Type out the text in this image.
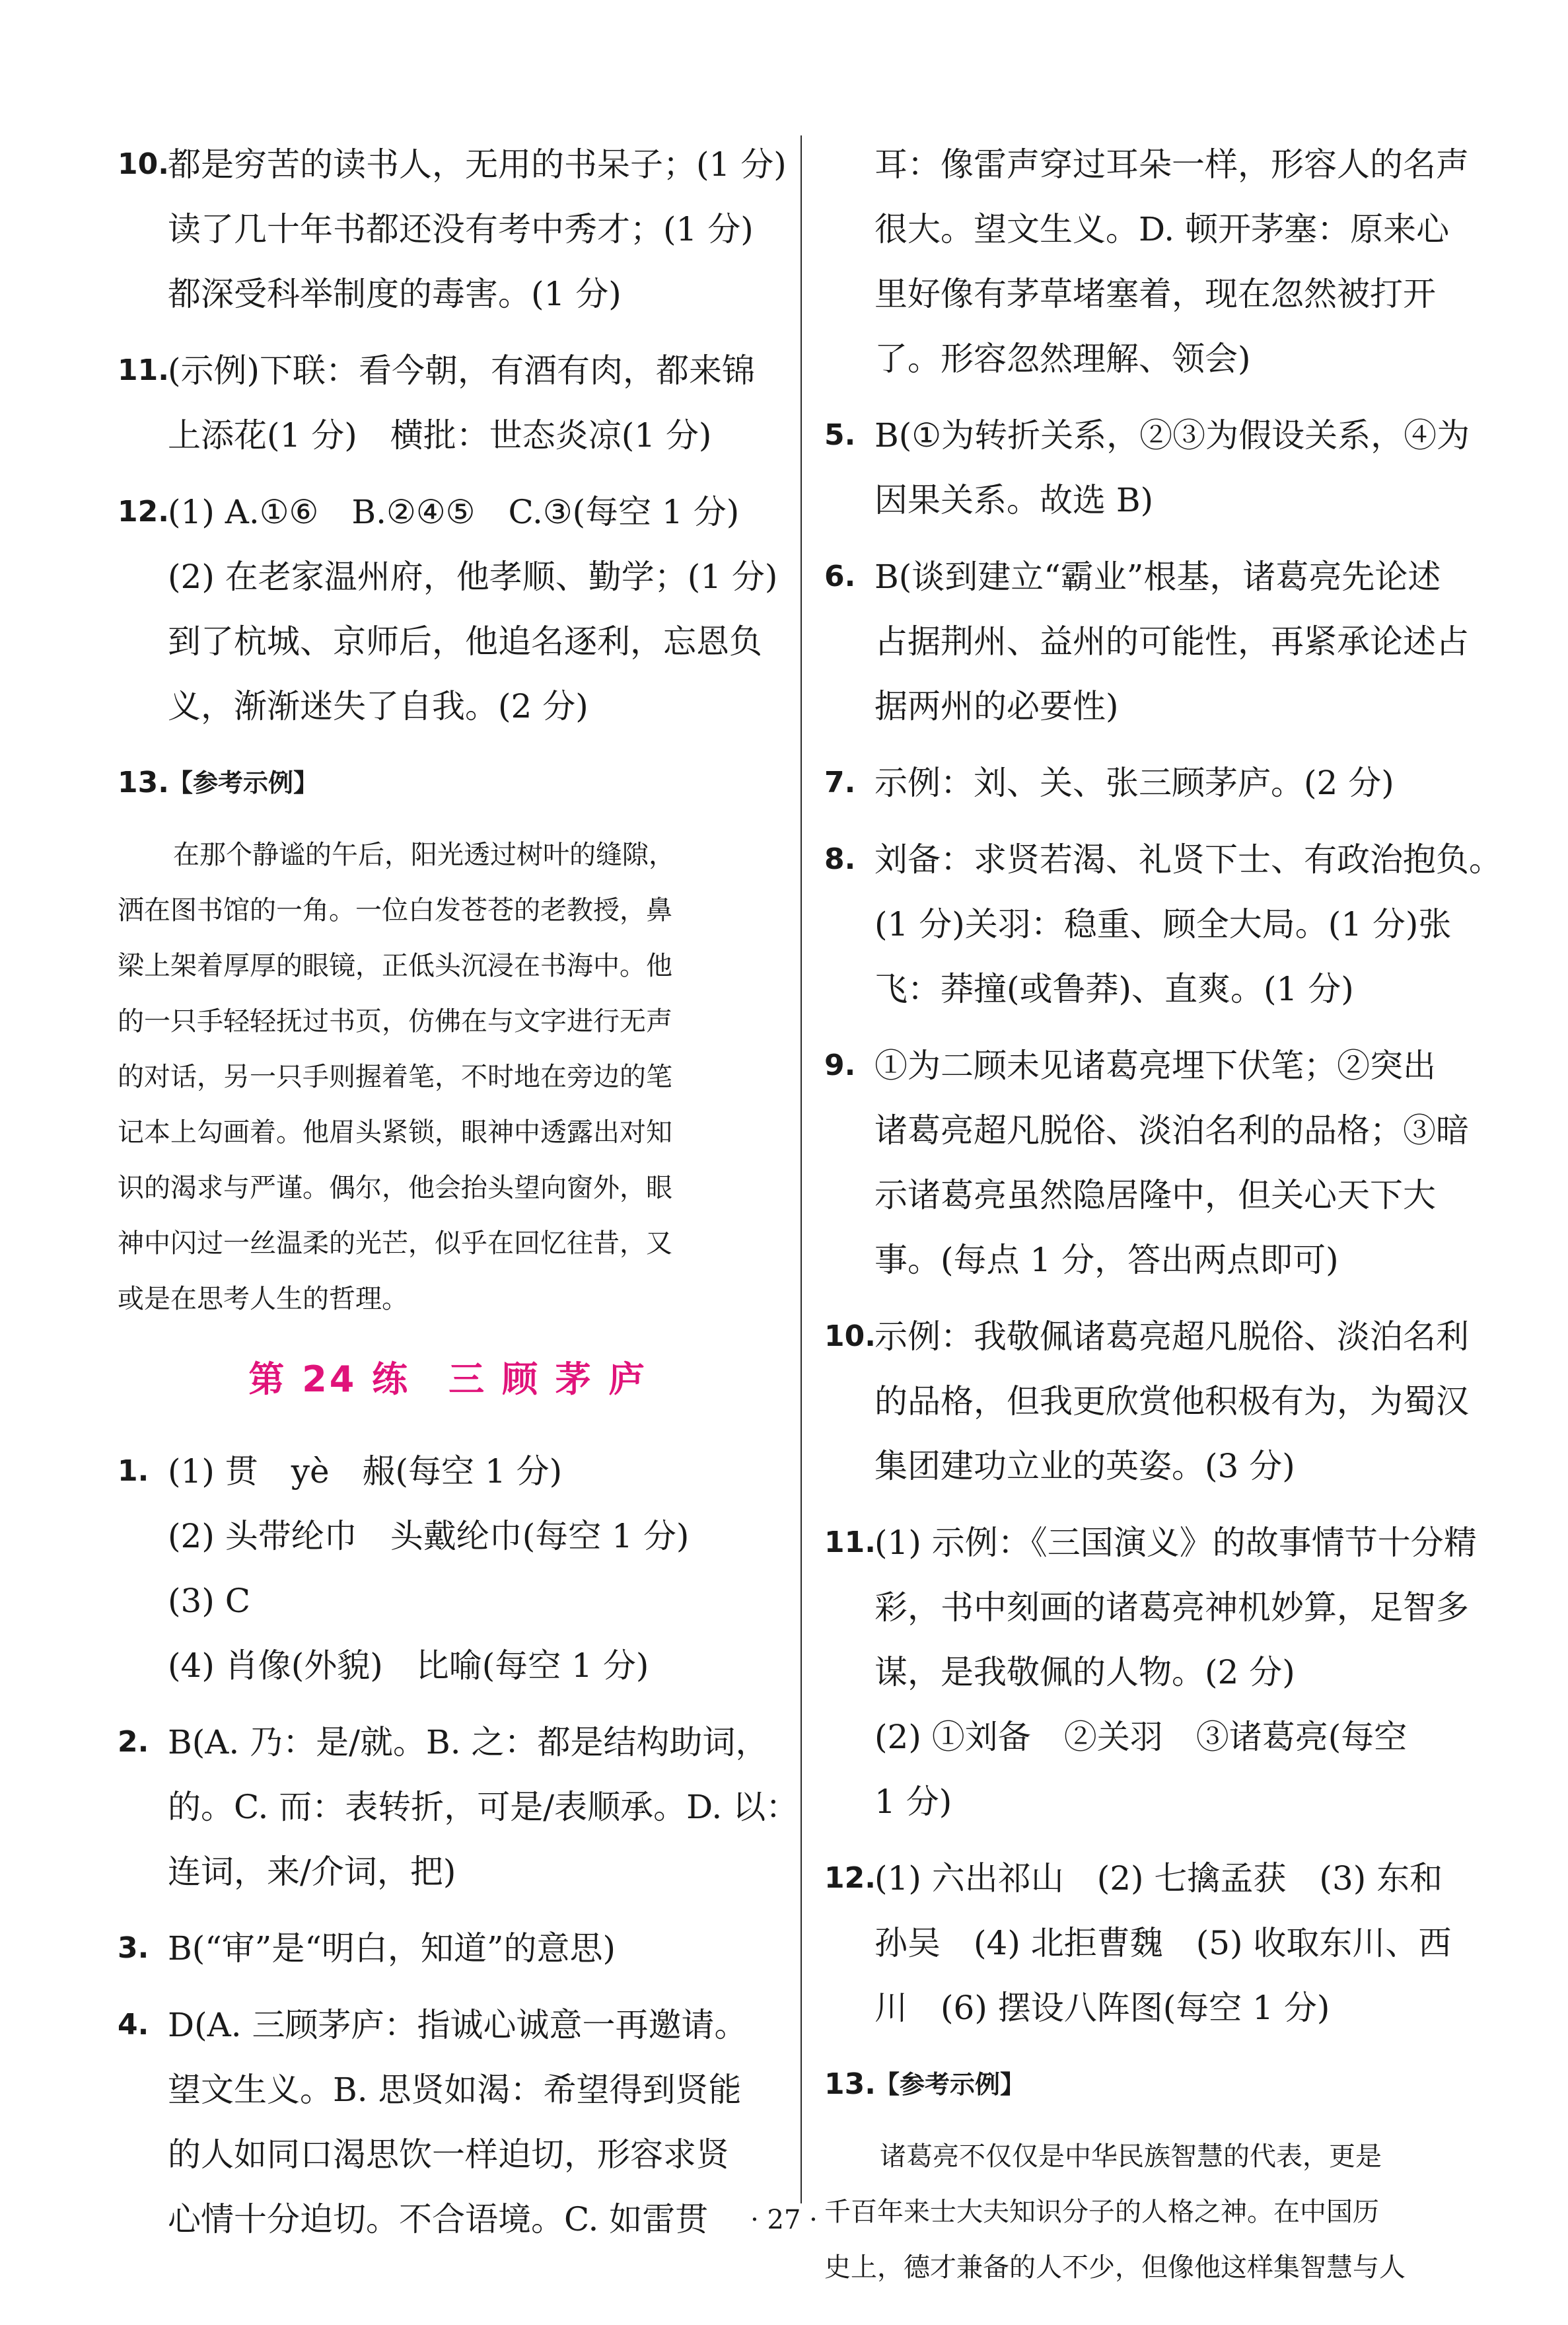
10.
都是穷苦的读书人，无用的书呆子；(1 分)
读了几十年书都还没有考中秀才；(1 分)
都深受科举制度的毒害。(1 分)
11.
(示例)下联：看今朝，有酒有肉，都来锦
上添花(1 分)　横批：世态炎凉(1 分)
12.
(1) A.①⑥　B.②④⑤　C.③(每空 1 分)
(2) 在老家温州府，他孝顺、勤学；(1 分)
到了杭城、京师后，他追名逐利，忘恩负
义，渐渐迷失了自我。(2 分)
13.
【参考示例】
在那个静谧的午后，阳光透过树叶的缝隙，
洒在图书馆的一角。一位白发苍苍的老教授，鼻
梁上架着厚厚的眼镜，正低头沉浸在书海中。他
的一只手轻轻抚过书页，仿佛在与文字进行无声
的对话，另一只手则握着笔，不时地在旁边的笔
记本上勾画着。他眉头紧锁，眼神中透露出对知
识的渴求与严谨。偶尔，他会抬头望向窗外，眼
神中闪过一丝温柔的光芒，似乎在回忆往昔，又
或是在思考人生的哲理。
第 24 练　三 顾 茅 庐
1. (1) 贯　yè　赧(每空 1 分)
(2) 头带纶巾　头戴纶巾(每空 1 分)
(3) C
(4) 肖像(外貌)　比喻(每空 1 分)
2. B(A. 乃：是/就。B. 之：都是结构助词，
的。C. 而：表转折，可是/表顺承。D. 以：
连词，来/介词，把)
3. B(“审”是“明白，知道”的意思)
4. D(A. 三顾茅庐：指诚心诚意一再邀请。
望文生义。B. 思贤如渴：希望得到贤能
的人如同口渴思饮一样迫切，形容求贤
心情十分迫切。不合语境。C. 如雷贯
耳：像雷声穿过耳朵一样，形容人的名声
很大。望文生义。D. 顿开茅塞：原来心
里好像有茅草堵塞着，现在忽然被打开
了。形容忽然理解、领会)
5. B(①为转折关系，②③为假设关系，④为
因果关系。故选 B)
6. B(谈到建立“霸业”根基，诸葛亮先论述
占据荆州、益州的可能性，再紧承论述占
据两州的必要性)
7. 示例：刘、关、张三顾茅庐。(2 分)
8. 刘备：求贤若渴、礼贤下士、有政治抱负。
(1 分)关羽：稳重、顾全大局。(1 分)张
飞：莽撞(或鲁莽)、直爽。(1 分)
9. ①为二顾未见诸葛亮埋下伏笔；②突出
诸葛亮超凡脱俗、淡泊名利的品格；③暗
示诸葛亮虽然隐居隆中，但关心天下大
事。(每点 1 分，答出两点即可)
10.
示例：我敬佩诸葛亮超凡脱俗、淡泊名利
的品格，但我更欣赏他积极有为，为蜀汉
集团建功立业的英姿。(3 分)
11.
(1) 示例：《三国演义》的故事情节十分精
彩，书中刻画的诸葛亮神机妙算，足智多
谋，是我敬佩的人物。(2 分)
(2) ①刘备　②关羽　③诸葛亮(每空
1 分)
12.
(1) 六出祁山　(2) 七擒孟获　(3) 东和
孙吴　(4) 北拒曹魏　(5) 收取东川、西
川　(6) 摆设八阵图(每空 1 分)
13.
【参考示例】
诸葛亮不仅仅是中华民族智慧的代表，更是
千百年来士大夫知识分子的人格之神。在中国历
史上，德才兼备的人不少，但像他这样集智慧与人
· 27 ·
